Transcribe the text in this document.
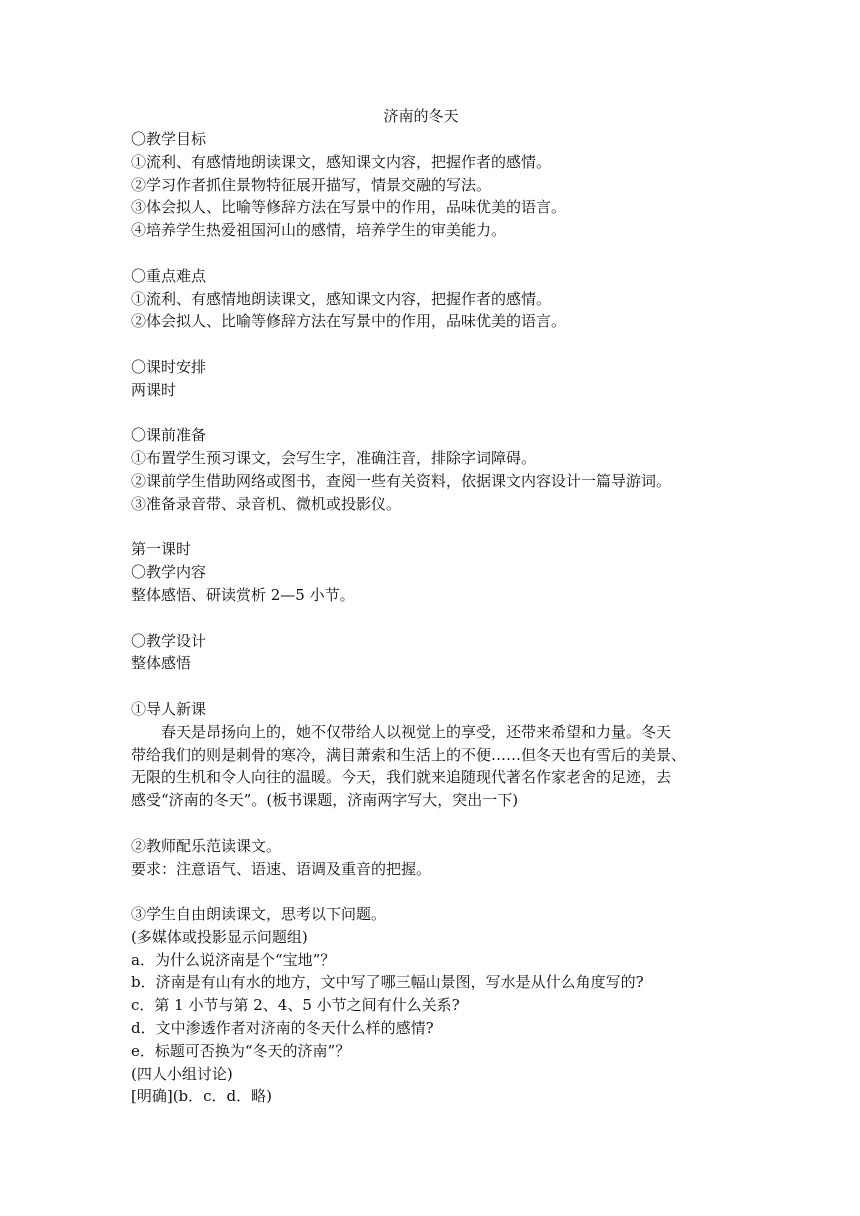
济南的冬天
〇教学目标
①流利、有感情地朗读课文，感知课文内容，把握作者的感情。
②学习作者抓住景物特征展开描写，情景交融的写法。
③体会拟人、比喻等修辞方法在写景中的作用，品味优美的语言。
④培养学生热爱祖国河山的感情，培养学生的审美能力。
〇重点难点
①流利、有感情地朗读课文，感知课文内容，把握作者的感情。
②体会拟人、比喻等修辞方法在写景中的作用，品味优美的语言。
〇课时安排
两课时
〇课前准备
①布置学生预习课文，会写生字，准确注音，排除字词障碍。
②课前学生借助网络或图书，查阅一些有关资料，依据课文内容设计一篇导游词。
③准备录音带、录音机、微机或投影仪。
第一课时
〇教学内容
整体感悟、研读赏析 2—5 小节。
〇教学设计
整体感悟
①导人新课
春天是昂扬向上的，她不仅带给人以视觉上的享受，还带来希望和力量。冬天
带给我们的则是刺骨的寒冷，满目萧索和生活上的不便……但冬天也有雪后的美景、
无限的生机和令人向往的温暖。今天，我们就来追随现代著名作家老舍的足迹，去
感受“济南的冬天”。(板书课题，济南两字写大，突出一下)
②教师配乐范读课文。
要求：注意语气、语速、语调及重音的把握。
③学生自由朗读课文，思考以下问题。
(多媒体或投影显示问题组)
a．为什么说济南是个“宝地”？
b．济南是有山有水的地方，文中写了哪三幅山景图，写水是从什么角度写的?
c．第 1 小节与第 2、4、5 小节之间有什么关系?
d．文中渗透作者对济南的冬天什么样的感情?
e．标题可否换为“冬天的济南”？
(四人小组讨论)
[明确](b．c．d．略)
